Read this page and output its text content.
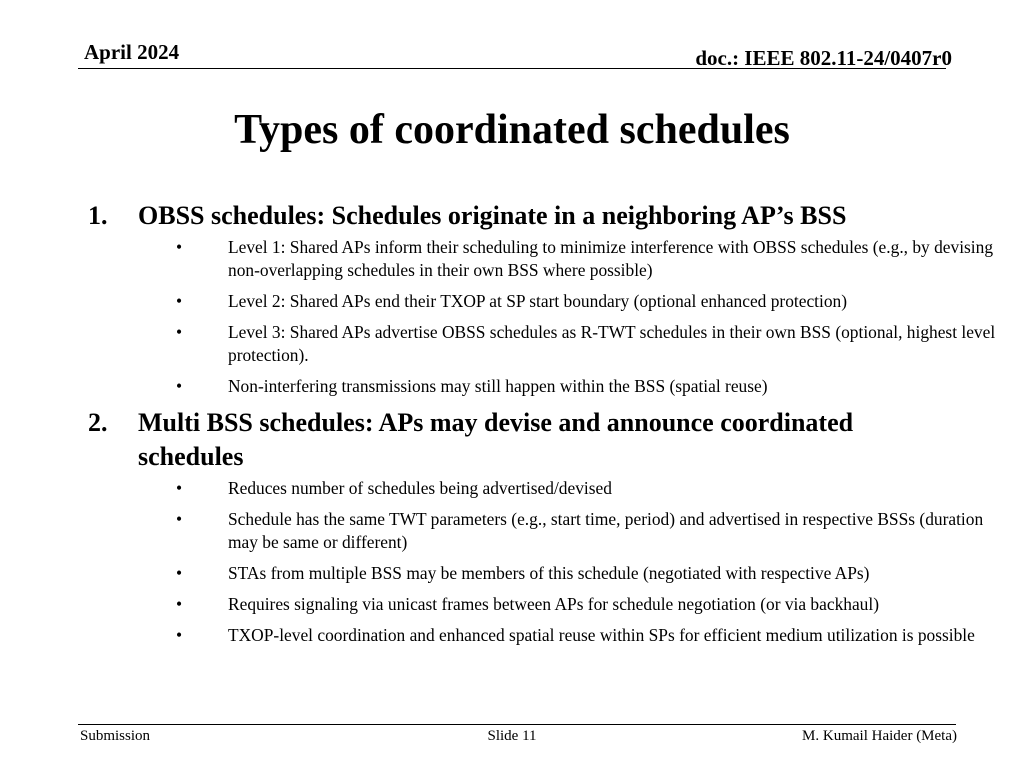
April 2024	doc.: IEEE 802.11-24/0407r0
Types of coordinated schedules
1.	OBSS schedules: Schedules originate in a neighboring AP’s BSS
•	Level 1: Shared APs inform their scheduling to minimize interference with OBSS schedules (e.g., by devising non-overlapping schedules in their own BSS where possible)
•	Level 2: Shared APs end their TXOP at SP start boundary (optional enhanced protection)
•	Level 3: Shared APs advertise OBSS schedules as R-TWT schedules in their own BSS (optional, highest level protection).
•	Non-interfering transmissions may still happen within the BSS (spatial reuse)
2.	Multi BSS schedules: APs may devise and announce coordinated schedules
•	Reduces number of schedules being advertised/devised
•	Schedule has the same TWT parameters (e.g., start time, period) and advertised in respective BSSs (duration may be same or different)
•	STAs from multiple BSS may be members of this schedule (negotiated with respective APs)
•	Requires signaling via unicast frames between APs for schedule negotiation (or via backhaul)
•	TXOP-level coordination and enhanced spatial reuse within SPs for efficient medium utilization is possible
Submission	Slide 11	M. Kumail Haider (Meta)
